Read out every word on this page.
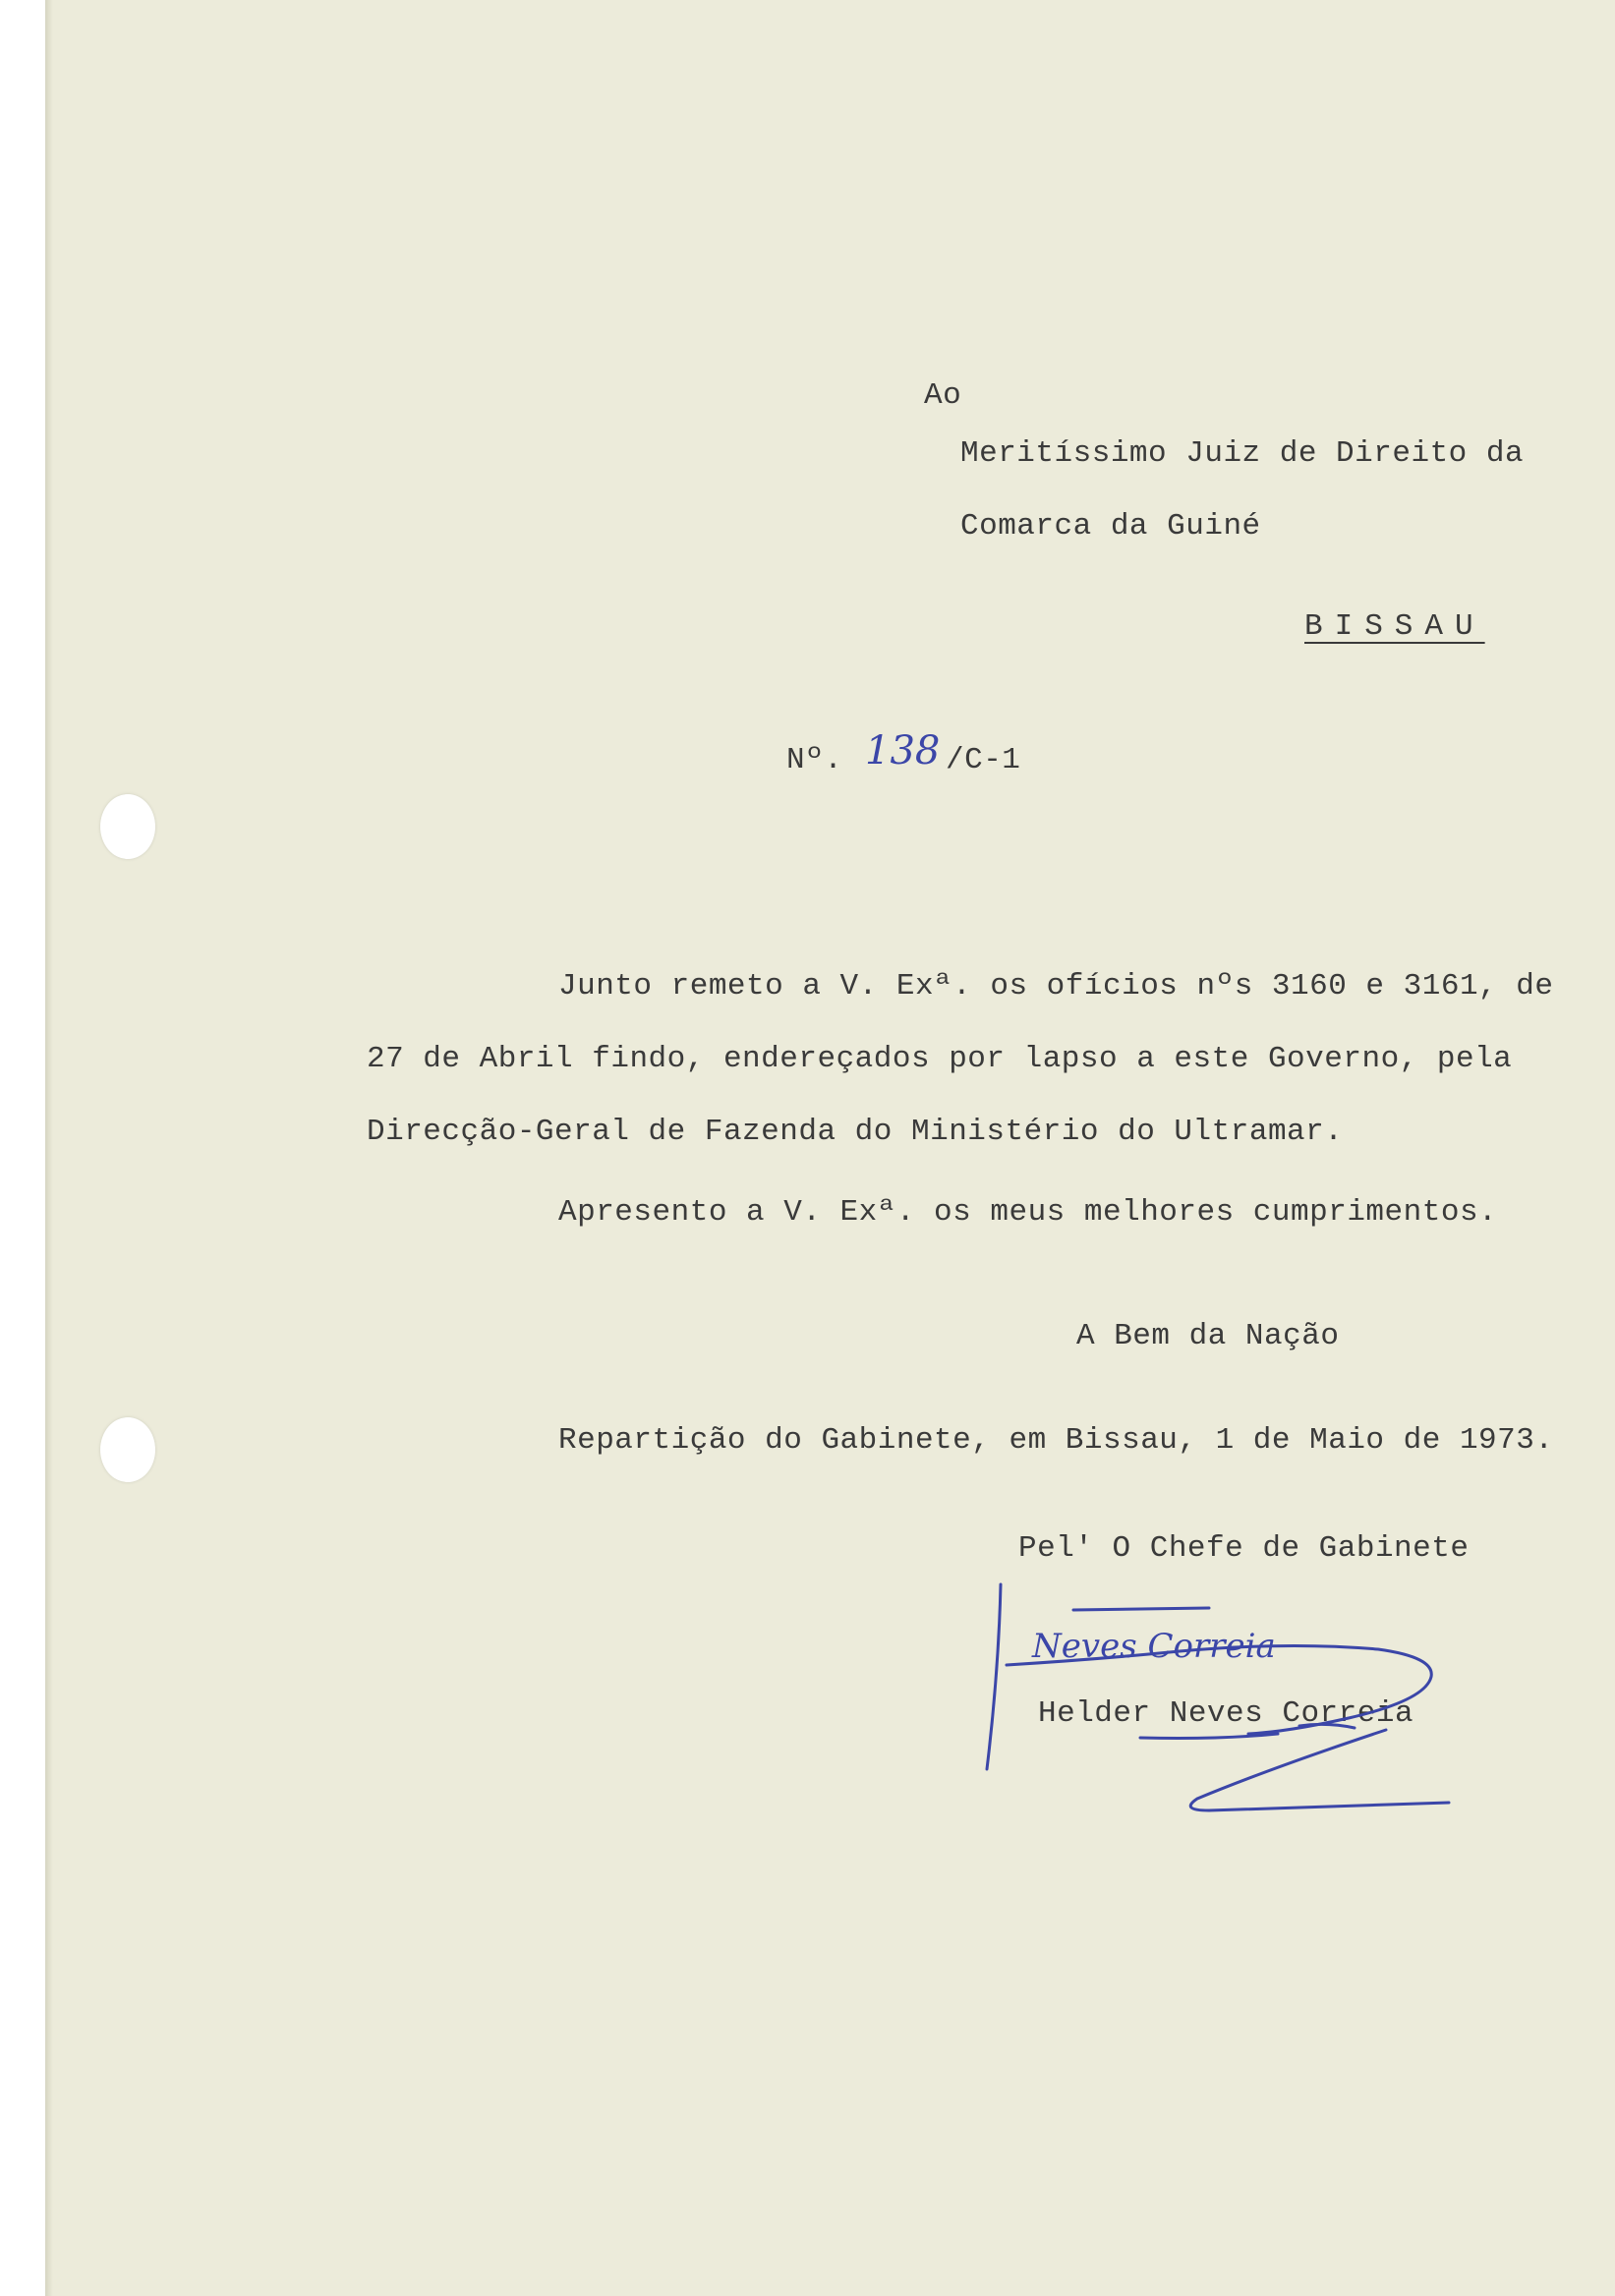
Ao

Meritíssimo Juiz de Direito da

Comarca da Guiné

BISSAU

Nº. 138 /C-1

Junto remeto a V. Exª. os ofícios nºs 3160 e 3161, de

27 de Abril findo, endereçados por lapso a este Governo, pela

Direcção-Geral de Fazenda do Ministério do Ultramar.

Apresento a V. Exª. os meus melhores cumprimentos.

A Bem da Nação

Repartição do Gabinete, em Bissau, 1 de Maio de 1973.

Pel' O Chefe de Gabinete

Helder Neves Correia

Neves Correia
